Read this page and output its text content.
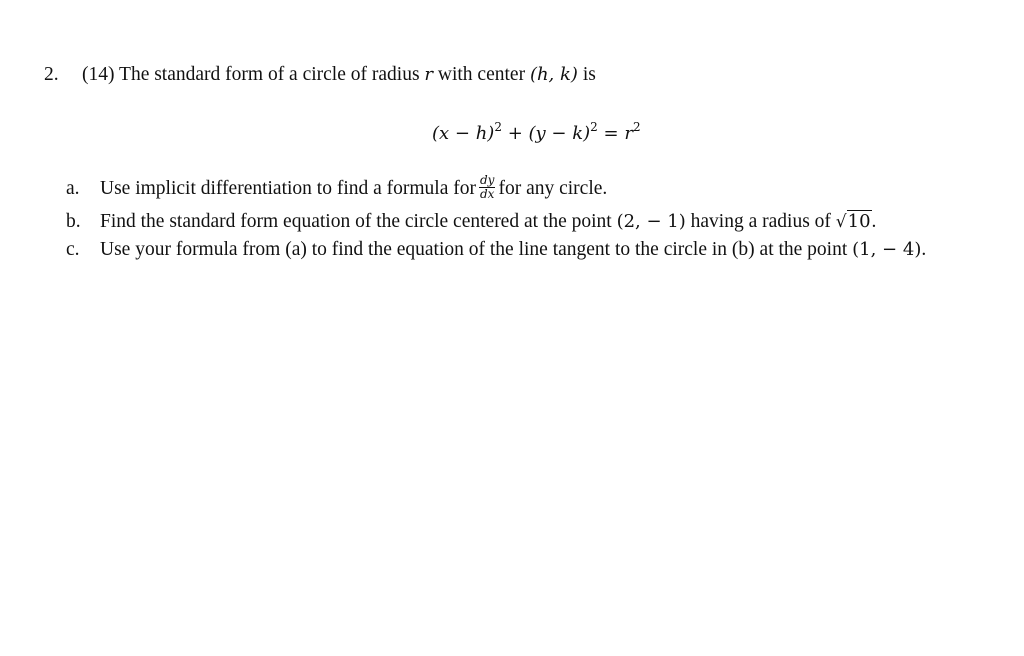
2. (14) The standard form of a circle of radius r with center (h, k) is
$(x - h)^2 + (y - k)^2 = r^2$
a. Use implicit differentiation to find a formula for $\frac{dy}{dx}$ for any circle.
b. Find the standard form equation of the circle centered at the point (2, − 1) having a radius of √10.
c. Use your formula from (a) to find the equation of the line tangent to the circle in (b) at the point (1, − 4).
